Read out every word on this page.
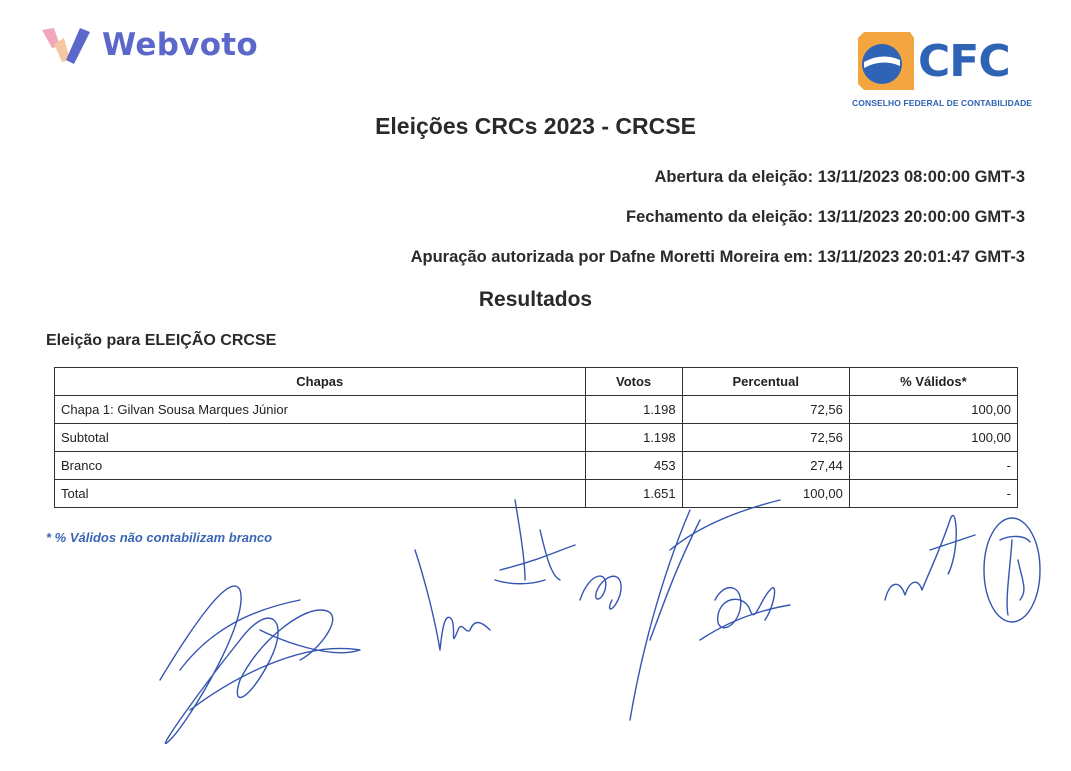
Webvoto	CFC
CONSELHO FEDERAL DE CONTABILIDADE
Eleições CRCs 2023 - CRCSE
Abertura da eleição: 13/11/2023 08:00:00 GMT-3
Fechamento da eleição: 13/11/2023 20:00:00 GMT-3
Apuração autorizada por Dafne Moretti Moreira em: 13/11/2023 20:01:47 GMT-3
Resultados
Eleição para ELEIÇÃO CRCSE
Chapas	Votos	Percentual	% Válidos*
Chapa 1: Gilvan Sousa Marques Júnior	1.198	72,56	100,00
Subtotal	1.198	72,56	100,00
Branco	453	27,44	-
Total	1.651	100,00	-
* % Válidos não contabilizam branco
